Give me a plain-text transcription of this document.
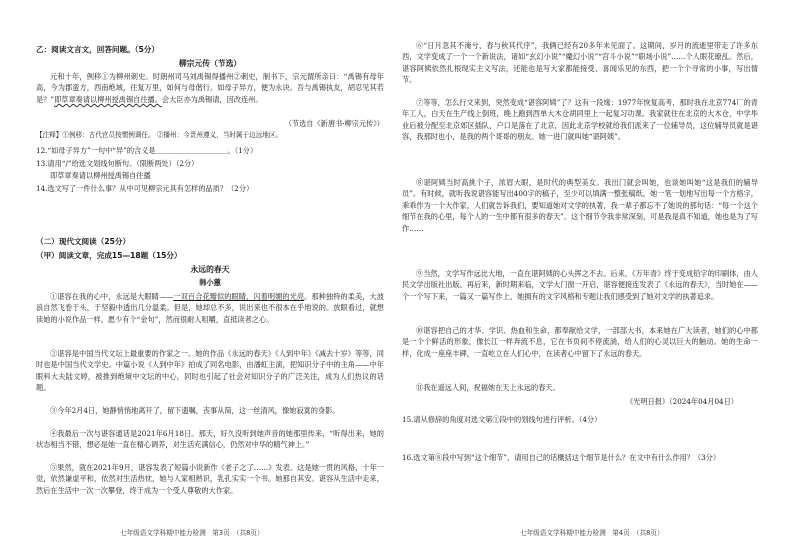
乙：阅读文言文，回答问题。（5分）
柳宗元传（节选）

元和十年，例移①为柳州刺史。时朗州司马刘禹锡得播州②刺史，制书下，宗元谓所亲曰：“禹锡有母年高，今为郡蛮方，西南绝域，往复万里，如何与母偕行。如母子异方，便为永诀。吾与禹锡执友，胡忍见其若是？”即草章奏请以柳州授禹锡自往播。会大臣亦为禹锡请，因改连州。

（节选自《新唐书·柳宗元传》）

【注释】①例移：古代官员按惯例调任。 ②播州：今贵州遵义，当时属于边远地区。

12.“如母子异方”一句中“异”的含义是＿＿＿＿＿＿＿＿＿＿。（1分）

13.请用“/”给选文划线句断句。（限断两处）（2分）

即草章奏请以柳州授禹锡自往播

14.选文写了一件什么事？从中可见柳宗元具有怎样的品质？（2分）

（二）现代文阅读（25分）
（甲）阅读文章，完成15—18题（15分）
永远的春天
韩小蕙

①谌容在我的心中，永远是大眼睛——一双百合花瓣似的眼睛，闪着明媚的光亮。那种独特的柔美，大波浪自然飞卷于头，于坚毅中透出几分温柔。但是，她却总不多，说出来也不很本在乎地说的。放眼看过，就想读她的小说作品一样。愿少有个“金句”，然而很耐人咀嚼，直抵读者之心。

②谌容是中国当代文坛上最重要的作家之一。她的作品《永远的春天》《人到中年》《减去十岁》等等，同时也是中国当代文学史。中篇小说《人到中年》拍成了同名电影，由潘虹主演，把知识分子中的主角——中年眼科大夫陆文婷，被推到绝境中文坛的中心，同时也引起了社会对知识分子的广泛关注，成为人们热议的话题。

③今年2月4日，她静悄悄地离开了，留下遗嘱，丧事从简，这一丝清风，像她寂寞的身影。

④我最后一次与谌容通话是2021年6月18日。那天，好久没听到她声音的她那里传来，“听得出来，她的状态相当不错，想必是她一直在精心调养，对生活充满信心，仍然对中华的精气神上。”

⑤果然，就在2021年9月，谌容发表了短篇小说新作《老子之了……》发表。这是她一贯的风格，十年一觉，依然谦虚平和，依然对生活热忱，她与人家相熟识，乳孔实实一个书。她那自其安。谌容从生活中走来，然后在生活中一次一次攀登，终于成为一个受人尊敬的大作家。

七年级语文学科期中能力检测　第3页　（共8页）

⑥“日月忽其不淹兮，春与秋其代序”，我俩已经有20多年未见面了。这期间，岁月的流逝里带走了许多东西，文学变成了一个一个新说法，诸如“玄幻小说”“魔幻小说”“宫斗小说”“职场小说”……个人眼花缭乱。然后，谌容阿姨依然扎根现实主义写法，还能也是写大家都能接受、喜闻乐见的东西，把一个个寻常的小事，写出情节。

⑦等等，怎么行文来到，突然变成“谌容阿姨”了？这有一段缘：1977年恢复高考，那时我在北京774厂的青年工人，白天在生产线上倒班，晚上跑到西单大木仓胡同里上一起复习功课。我家就住在北京的大木仓，中学毕业后被分配至北京郊区插队，户口是落在了北京，因此北京学校就给我们派来了一位辅导员，这位辅导员就是谌容，我那时也小，是我的两个哥哥的朋友。她一进门就叫她“谌阿姨”。

⑧谌阿姨当时高挑个子，浓眉大眼，是时代的典型美女。我出门就会叫她，也谈她叫她“这是我们的辅导员”。有时候，就听我说谌容能写出400字的稿子，至少可以填满一整张稿纸，她一笔一划地写出每一个方格字，乖乖作为一个大作家，人们就告诉我们，要知道她对文学的执著，我一辈子都忘不了她说的那句话：“每一个这个细节在我的心里，每个人的一生中都有很多的春天”。这个细节令我非常深刻，可是我是真不知道，她也是为了写作……

⑨当然，文学写作远比大地，一直在谌阿姨的心头挥之不去。后来，《万年青》终于变成铅字的印刷体，由人民文学出版社出版。再后来，新时期来临，文学大门窗一开启，谌容便接连发表了《永远的春天》，当时她在——个一个写下来，一篇又一篇写作上，她拥有的文字风格和专题让我们感受到了她对文学的执著追求。

⑩谌容把自己的才华、学识、热血和生命，都奉献给文学，一部部大书，本来她在广大读者，她们的心中都是一个个鲜活的形象，像长江一样奔流不息，它在书页间不停流淌，给人们的心灵以巨大的触动。她的生命一样，化成一座座丰碑，一直屹立在人们心中，在读者心中留下了永远的春天。

⑪我在遥远人间，祝福她在天上永远的春天。

《光明日报》（2024年04月04日）

15.请从修辞的角度对选文第①段中的划线句进行评析。（4分）

16.选文第⑧段中写到“这个细节”，请用自己的话概括这个细节是什么？在文中有什么作用？（3分）

七年级语文学科期中能力检测　第4页　（共8页）
